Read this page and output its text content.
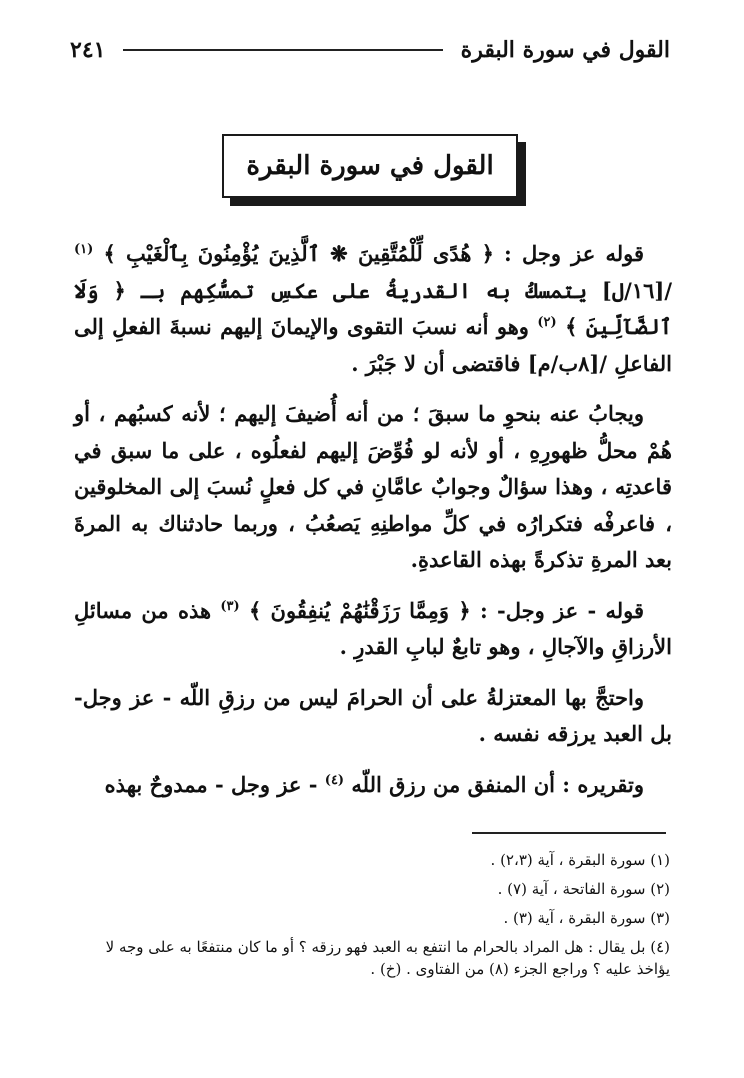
القول في سورة البقرة
٢٤١
القول في سورة البقرة

قوله عز وجل : ﴿ هُدًى لِّلْمُتَّقِينَ ❋ ٱلَّذِينَ يُؤْمِنُونَ بِٱلْغَيْبِ ﴾ $^{(١)}$ /[١٦/ل] يتمسكُ به القدريةُ على عكسِ تمسُّكِهم بـ ﴿ وَلَا ٱلضَّآلِّينَ ﴾ $^{(٢)}$ وهو أنه نسبَ التقوى والإيمانَ إليهم نسبةَ الفعلِ إلى الفاعلِ /[٨ب/م] فاقتضى أن لا جَبْرَ .

ويجابُ عنه بنحوِ ما سبقَ ؛ من أنه أُضيفَ إليهم ؛ لأنه كسبُهم ، أو هُمْ محلُّ ظهورِهِ ، أو لأنه لو فُوِّضَ إليهم لفعلُوه ، على ما سبق في قاعدتِه ، وهذا سؤالٌ وجوابٌ عامَّانِ في كل فعلٍ نُسبَ إلى المخلوقين ، فاعرفْه فتكرارُه في كلِّ مواطنِهِ يَصعُبُ ، وربما حادثناك به المرةَ بعد المرةِ تذكرةً بهذه القاعدةِ.

قوله - عز وجل- : ﴿ وَمِمَّا رَزَقْنَٰهُمْ يُنفِقُونَ ﴾ $^{(٣)}$ هذه من مسائلِ الأرزاقِ والآجالِ ، وهو تابعٌ لبابِ القدرِ .

واحتجَّ بها المعتزلةُ على أن الحرامَ ليس من رزقِ اللّه - عز وجل- بل العبد يرزقه نفسه .

وتقريره : أن المنفق من رزق اللّه $^{(٤)}$ - عز وجل - ممدوحٌ بهذه

(١) سورة البقرة ، آية (٢،٣) .

(٢) سورة الفاتحة ، آية (٧) .

(٣) سورة البقرة ، آية (٣) .

(٤) بل يقال : هل المراد بالحرام ما انتفع به العبد فهو رزقه ؟ أو ما كان منتفعًا به على وجه لا يؤاخذ عليه ؟ وراجع الجزء (٨) من الفتاوى . (خ) .
